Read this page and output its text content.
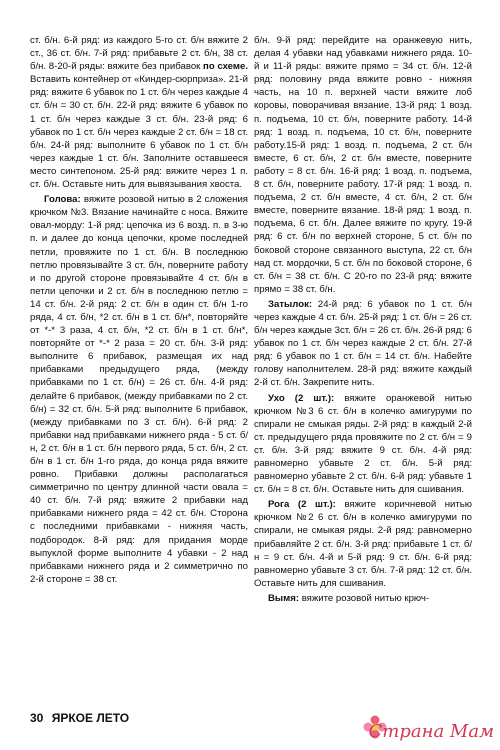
ст. б/н. 6-й ряд: из каждого 5-го ст. б/н вяжите 2 ст., 36 ст. б/н. 7-й ряд: прибавьте 2 ст. б/н, 38 ст. б/н. 8-20-й ряды: вяжите без прибавок по схеме. Вставить контейнер от «Киндер-сюрприза». 21-й ряд: вяжите 6 убавок по 1 ст. б/н через каждые 4 ст. б/н = 30 ст. б/н. 22-й ряд: вяжите 6 убавок по 1 ст. б/н через каждые 3 ст. б/н. 23-й ряд: 6 убавок по 1 ст. б/н через каждые 2 ст. б/н = 18 ст. б/н. 24-й ряд: выполните 6 убавок по 1 ст. б/н через каждые 1 ст. б/н. Заполните оставшееся место синтепоном. 25-й ряд: вяжите через 1 п. ст. б/н. Оставьте нить для вывязывания хвоста.

Голова: вяжите розовой нитью в 2 сложения крючком №3. Вязание начинайте с носа. Вяжите овал-морду: 1-й ряд: цепочка из 6 возд. п. в 3-ю п. и далее до конца цепочки, кроме последней петли, провяжите по 1 ст. б/н. В последнюю петлю провязывайте 3 ст. б/н, поверните работу и по другой стороне провязывайте 4 ст. б/н в петли цепочки и 2 ст. б/н в последнюю петлю = 14 ст. б/н. 2-й ряд: 2 ст. б/н в один ст. б/н 1-го ряда, 4 ст. б/н, *2 ст. б/н в 1 ст. б/н*, повторяйте от *-* 3 раза, 4 ст. б/н, *2 ст. б/н в 1 ст. б/н*, повторяйте от *-* 2 раза = 20 ст. б/н. 3-й ряд: выполните 6 прибавок, размещая их над прибавками предыдущего ряда, (между прибавками по 1 ст. б/н) = 26 ст. б/н. 4-й ряд: делайте 6 прибавок, (между прибавками по 2 ст. б/н) = 32 ст. б/н. 5-й ряд: выполните 6 прибавок, (между прибавками по 3 ст. б/н). 6-й ряд: 2 прибавки над прибавками нижнего ряда - 5 ст. б/н, 2 ст. б/н в 1 ст. б/н первого ряда, 5 ст. б/н, 2 ст. б/н в 1 ст. б/н 1-го ряда, до конца ряда вяжите ровно. Прибавки должны располагаться симметрично по центру длинной части овала = 40 ст. б/н. 7-й ряд: вяжите 2 прибавки над прибавками нижнего ряда = 42 ст. б/н. Сторона с последними прибавками - нижняя часть, подбородок. 8-й ряд: для придания морде выпуклой форме выполните 4 убавки - 2 над прибавками нижнего ряда и 2 симметрично по 2-й стороне = 38 ст.

б/н. 9-й ряд: перейдите на оранжевую нить, делая 4 убавки над убавками нижнего ряда. 10-й и 11-й ряды: вяжите прямо = 34 ст. б/н. 12-й ряд: половину ряда вяжите ровно - нижняя часть, на 10 п. верхней части вяжите лоб коровы, поворачивая вязание. 13-й ряд: 1 возд. п. подъема, 10 ст. б/н, поверните работу. 14-й ряд: 1 возд. п. подъема, 10 ст. б/н, поверните работу.15-й ряд: 1 возд. п. подъема, 2 ст. б/н вместе, 6 ст. б/н, 2 ст. б/н вместе, поверните работу = 8 ст. б/н. 16-й ряд: 1 возд. п. подъема, 8 ст. б/н, поверните работу. 17-й ряд: 1 возд. п. подъема, 2 ст. б/н вместе, 4 ст. б/н, 2 ст. б/н вместе, поверните вязание. 18-й ряд: 1 возд. п. подъема, 6 ст. б/н. Далее вяжите по кругу. 19-й ряд: 6 ст. б/н по верхней стороне, 5 ст. б/н по боковой стороне связанного выступа, 22 ст. б/н над ст. мордочки, 5 ст. б/н по боковой стороне, 6 ст. б/н = 38 ст. б/н. С 20-го по 23-й ряд: вяжите прямо = 38 ст. б/н.

Затылок: 24-й ряд: 6 убавок по 1 ст. б/н через каждые 4 ст. б/н. 25-й ряд: 1 ст. б/н = 26 ст. б/н через каждые 3ст. б/н = 26 ст. б/н. 26-й ряд: 6 убавок по 1 ст. б/н через каждые 2 ст. б/н. 27-й ряд: 6 убавок по 1 ст. б/н = 14 ст. б/н. Набейте голову наполнителем. 28-й ряд: вяжите каждый 2-й ст. б/н. Закрепите нить.

Ухо (2 шт.): вяжите оранжевой нитью крючком №3 6 ст. б/н в колечко амигуруми по спирали не смыкая ряды. 2-й ряд: в каждый 2-й ст. предыдущего ряда провяжите по 2 ст. б/н = 9 ст. б/н. 3-й ряд: вяжите 9 ст. б/н. 4-й ряд: равномерно убавьте 2 ст. б/н. 5-й ряд: равномерно убавьте 2 ст. б/н. 6-й ряд: убавьте 1 ст. б/н = 8 ст. б/н. Оставьте нить для сшивания.

Рога (2 шт.): вяжите коричневой нитью крючком №2 6 ст. б/н в колечко амигуруми по спирали, не смыкая ряды. 2-й ряд: равномерно прибавляйте 2 ст. б/н. 3-й ряд: прибавьте 1 ст. б/н = 9 ст. б/н. 4-й и 5-й ряд: 9 ст. б/н. 6-й ряд: равномерно убавьте 3 ст. б/н. 7-й ряд: 12 ст. б/н. Оставьте нить для сшивания.

Вымя: вяжите розовой нитью крюч-

30 ЯРКОЕ ЛЕТО
Страна Мам
